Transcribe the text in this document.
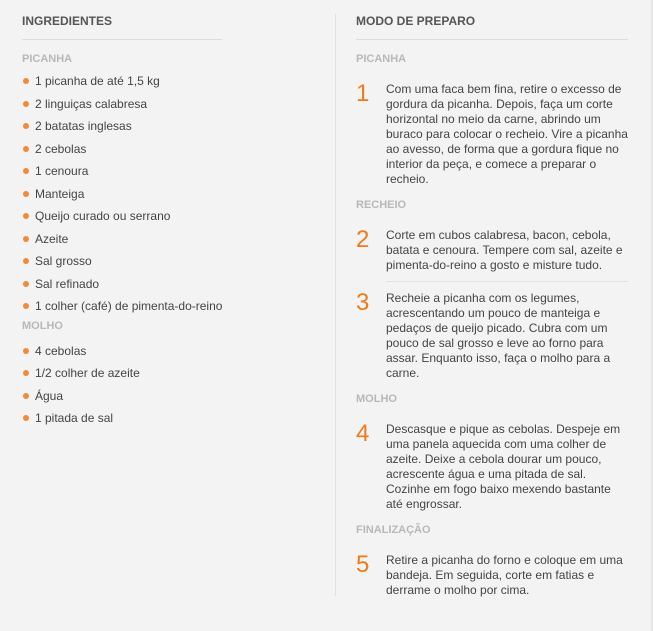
INGREDIENTES
PICANHA
1 picanha de até 1,5 kg
2 linguiças calabresa
2 batatas inglesas
2 cebolas
1 cenoura
Manteiga
Queijo curado ou serrano
Azeite
Sal grosso
Sal refinado
1 colher (café) de pimenta-do-reino
MOLHO
4 cebolas
1/2 colher de azeite
Água
1 pitada de sal
MODO DE PREPARO
PICANHA
1 Com uma faca bem fina, retire o excesso de gordura da picanha. Depois, faça um corte horizontal no meio da carne, abrindo um buraco para colocar o recheio. Vire a picanha ao avesso, de forma que a gordura fique no interior da peça, e comece a preparar o recheio.
RECHEIO
2 Corte em cubos calabresa, bacon, cebola, batata e cenoura. Tempere com sal, azeite e pimenta-do-reino a gosto e misture tudo.
3 Recheie a picanha com os legumes, acrescentando um pouco de manteiga e pedaços de queijo picado. Cubra com um pouco de sal grosso e leve ao forno para assar. Enquanto isso, faça o molho para a carne.
MOLHO
4 Descasque e pique as cebolas. Despeje em uma panela aquecida com uma colher de azeite. Deixe a cebola dourar um pouco, acrescente água e uma pitada de sal. Cozinhe em fogo baixo mexendo bastante até engrossar.
FINALIZAÇÃO
5 Retire a picanha do forno e coloque em uma bandeja. Em seguida, corte em fatias e derrame o molho por cima.
